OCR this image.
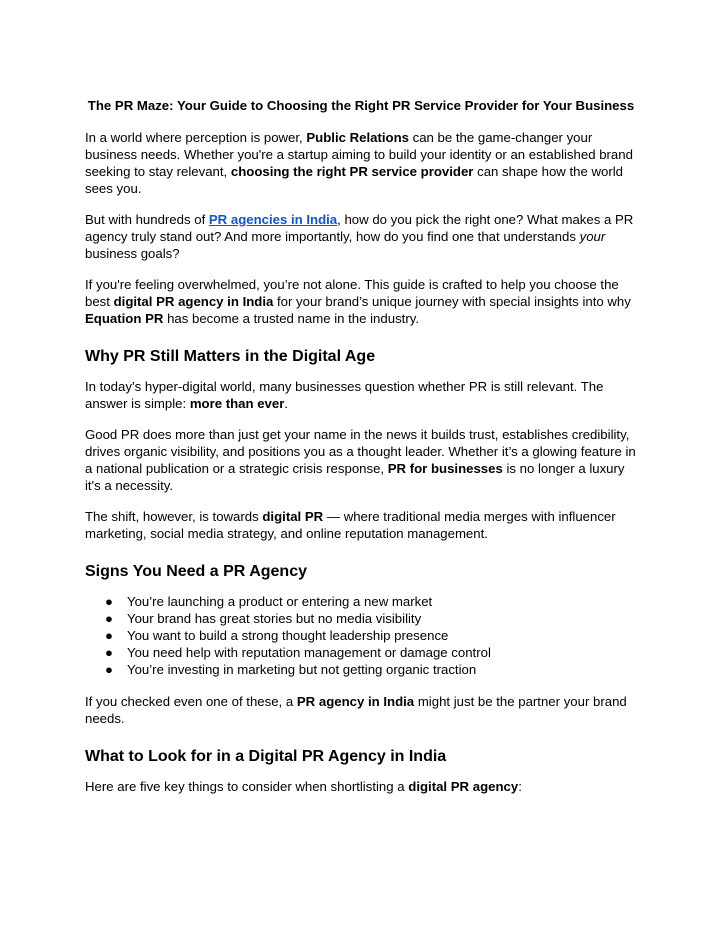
The PR Maze: Your Guide to Choosing the Right PR Service Provider for Your Business

In a world where perception is power, Public Relations can be the game-changer your business needs. Whether you're a startup aiming to build your identity or an established brand seeking to stay relevant, choosing the right PR service provider can shape how the world sees you.

But with hundreds of PR agencies in India, how do you pick the right one? What makes a PR agency truly stand out? And more importantly, how do you find one that understands your business goals?

If you're feeling overwhelmed, you’re not alone. This guide is crafted to help you choose the best digital PR agency in India for your brand’s unique journey with special insights into why Equation PR has become a trusted name in the industry.

Why PR Still Matters in the Digital Age

In today’s hyper-digital world, many businesses question whether PR is still relevant. The answer is simple: more than ever.

Good PR does more than just get your name in the news it builds trust, establishes credibility, drives organic visibility, and positions you as a thought leader. Whether it’s a glowing feature in a national publication or a strategic crisis response, PR for businesses is no longer a luxury it's a necessity.

The shift, however, is towards digital PR — where traditional media merges with influencer marketing, social media strategy, and online reputation management.

Signs You Need a PR Agency
● You’re launching a product or entering a new market
● Your brand has great stories but no media visibility
● You want to build a strong thought leadership presence
● You need help with reputation management or damage control
● You’re investing in marketing but not getting organic traction

If you checked even one of these, a PR agency in India might just be the partner your brand needs.

What to Look for in a Digital PR Agency in India

Here are five key things to consider when shortlisting a digital PR agency:
